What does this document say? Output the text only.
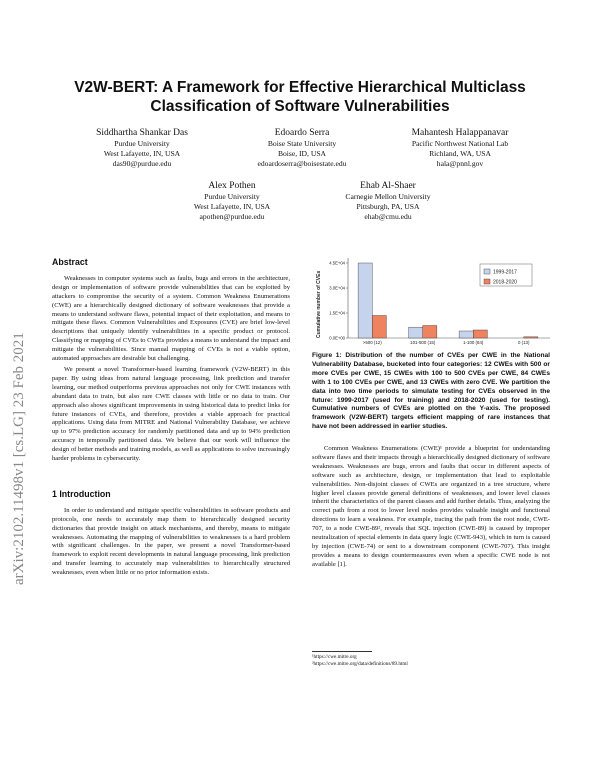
arXiv:2102.11498v1 [cs.LG] 23 Feb 2021
V2W-BERT: A Framework for Effective Hierarchical Multiclass Classification of Software Vulnerabilities
Siddhartha Shankar Das
Purdue University
West Lafayette, IN, USA
das90@purdue.edu
Edoardo Serra
Boise State University
Boise, ID, USA
edoardoserra@boisestate.edu
Mahantesh Halappanavar
Pacific Northwest National Lab
Richland, WA, USA
hala@pnnl.gov
Alex Pothen
Purdue University
West Lafayette, IN, USA
apothen@purdue.edu
Ehab Al-Shaer
Carnegie Mellon University
Pittsburgh, PA, USA
ehab@cmu.edu
Abstract

Weaknesses in computer systems such as faults, bugs and errors in the architecture, design or implementation of software provide vulnerabilities that can be exploited by attackers to compromise the security of a system. Common Weakness Enumerations (CWE) are a hierarchically designed dictionary of software weaknesses that provide a means to understand software flaws, potential impact of their exploitation, and means to mitigate these flaws. Common Vulnerabilities and Exposures (CVE) are brief low-level descriptions that uniquely identify vulnerabilities in a specific product or protocol. Classifying or mapping of CVEs to CWEs provides a means to understand the impact and mitigate the vulnerabilities. Since manual mapping of CVEs is not a viable option, automated approaches are desirable but challenging.

We present a novel Transformer-based learning framework (V2W-BERT) in this paper. By using ideas from natural language processing, link prediction and transfer learning, our method outperforms previous approaches not only for CWE instances with abundant data to train, but also rare CWE classes with little or no data to train. Our approach also shows significant improvements in using historical data to predict links for future instances of CVEs, and therefore, provides a viable approach for practical applications. Using data from MITRE and National Vulnerability Database, we achieve up to 97% prediction accuracy for randomly partitioned data and up to 94% prediction accuracy in temporally partitioned data. We believe that our work will influence the design of better methods and training models, as well as applications to solve increasingly harder problems in cybersecurity.

1 Introduction

In order to understand and mitigate specific vulnerabilities in software products and protocols, one needs to accurately map them to hierarchically designed security dictionaries that provide insight on attack mechanisms, and thereby, means to mitigate weaknesses. Automating the mapping of vulnerabilities to weaknesses is a hard problem with significant challenges. In the paper, we present a novel Transformer-based framework to exploit recent developments in natural language processing, link prediction and transfer learning to accurately map vulnerabilities to hierarchically structured weaknesses, even when little or no prior information exists.

Cumulative number of CVEs
0.0E+00
1.5E+04
3.0E+04
4.5E+04
>500 (12)	101-500 (15)	1-100 (84)	0 (13)
1999-2017
2018-2020
Figure 1: Distribution of the number of CVEs per CWE in the National Vulnerability Database, bucketed into four categories: 12 CWEs with 500 or more CVEs per CWE, 15 CWEs with 100 to 500 CVEs per CWE, 84 CWEs with 1 to 100 CVEs per CWE, and 13 CWEs with zero CVE. We partition the data into two time periods to simulate testing for CVEs observed in the future: 1999-2017 (used for training) and 2018-2020 (used for testing). Cumulative numbers of CVEs are plotted on the Y-axis. The proposed framework (V2W-BERT) targets efficient mapping of rare instances that have not been addressed in earlier studies.

Common Weakness Enumerations (CWE)¹ provide a blueprint for understanding software flaws and their impacts through a hierarchically designed dictionary of software weaknesses. Weaknesses are bugs, errors and faults that occur in different aspects of software such as architecture, design, or implementation that lead to exploitable vulnerabilities. Non-disjoint classes of CWEs are organized in a tree structure, where higher level classes provide general definitions of weaknesses, and lower level classes inherit the characteristics of the parent classes and add further details. Thus, analyzing the correct path from a root to lower level nodes provides valuable insight and functional directions to learn a weakness. For example, tracing the path from the root node, CWE-707, to a node CWE-89², reveals that SQL injection (CWE-89) is caused by improper neutralization of special elements in data query logic (CWE-943), which in turn is caused by injection (CWE-74) or sent to a downstream component (CWE-707). This insight provides a means to design countermeasures even when a specific CWE node is not available [1].

¹https://cwe.mitre.org
²https://cwe.mitre.org/data/definitions/89.html
